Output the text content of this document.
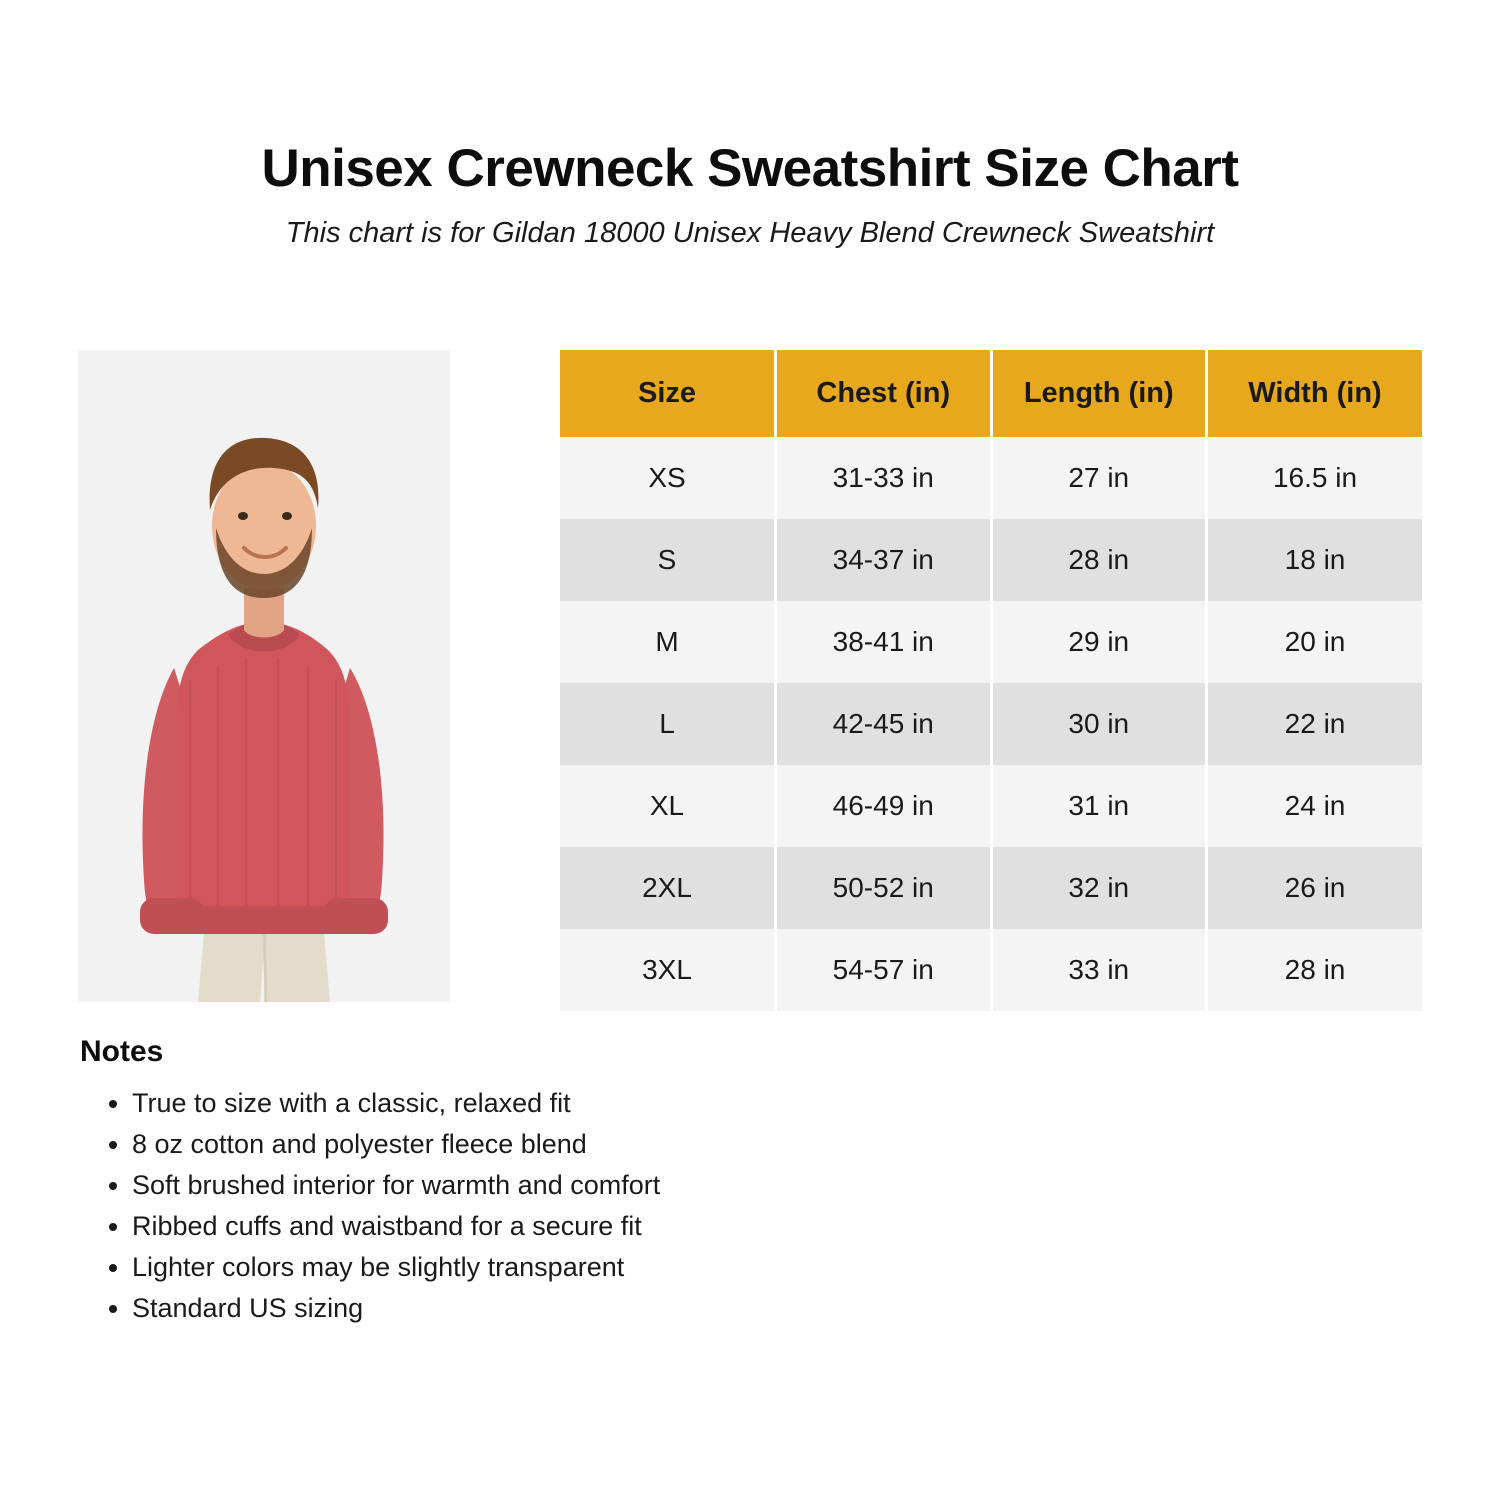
Unisex Crewneck Sweatshirt Size Chart

This chart is for Gildan 18000 Unisex Heavy Blend Crewneck Sweatshirt

Size	Chest (in)	Length (in)	Width (in)
XS	31-33 in	27 in	16.5 in
S	34-37 in	28 in	18 in
M	38-41 in	29 in	20 in
L	42-45 in	30 in	22 in
XL	46-49 in	31 in	24 in
2XL	50-52 in	32 in	26 in
3XL	54-57 in	33 in	28 in
Notes
• True to size with a classic, relaxed fit
• 8 oz cotton and polyester fleece blend
• Soft brushed interior for warmth and comfort
• Ribbed cuffs and waistband for a secure fit
• Lighter colors may be slightly transparent
• Standard US sizing
